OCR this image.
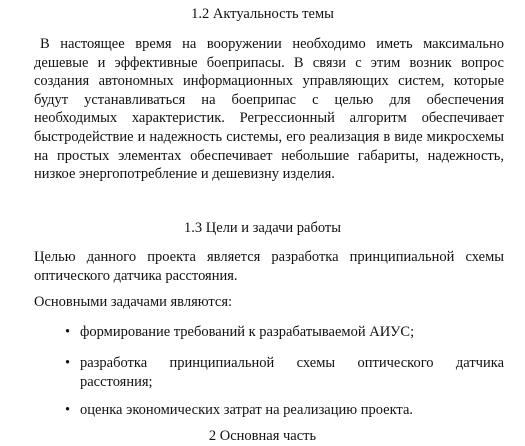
1.2 Актуальность темы

В настоящее время на вооружении необходимо иметь максимально дешевые и эффективные боеприпасы. В связи с этим возник вопрос создания автономных информационных управляющих систем, которые будут устанавливаться на боеприпас с целью для обеспечения необходимых характеристик. Регрессионный алгоритм обеспечивает быстродействие и надежность системы, его реализация в виде микросхемы на простых элементах обеспечивает небольшие габариты, надежность, низкое энергопотребление и дешевизну изделия.

1.3 Цели и задачи работы

Целью данного проекта является разработка принципиальной схемы оптического датчика расстояния.

Основными задачами являются:

• формирование требований к разрабатываемой АИУС;
• разработка принципиальной схемы оптического датчика расстояния;
• оценка экономических затрат на реализацию проекта.
2 Основная часть
